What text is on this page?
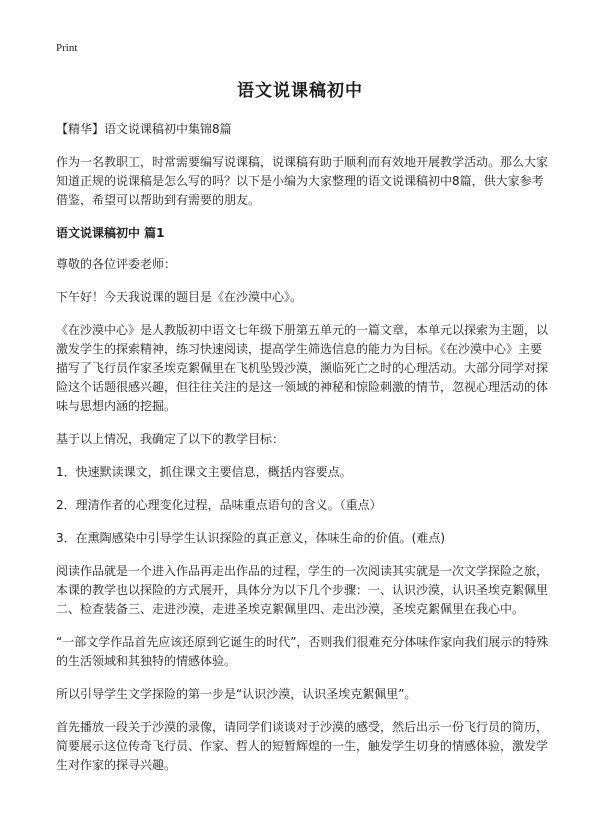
Print
语文说课稿初中

【精华】语文说课稿初中集锦8篇

作为一名教职工，时常需要编写说课稿，说课稿有助于顺利而有效地开展教学活动。那么大家知道正规的说课稿是怎么写的吗？以下是小编为大家整理的语文说课稿初中8篇，供大家参考借鉴，希望可以帮助到有需要的朋友。

语文说课稿初中 篇1

尊敬的各位评委老师：

下午好！今天我说课的题目是《在沙漠中心》。

《在沙漠中心》是人教版初中语文七年级下册第五单元的一篇文章，本单元以探索为主题，以激发学生的探索精神，练习快速阅读，提高学生筛选信息的能力为目标。《在沙漠中心》主要描写了飞行员作家圣埃克絮佩里在飞机坠毁沙漠，濒临死亡之时的心理活动。大部分同学对探险这个话题很感兴趣，但往往关注的是这一领域的神秘和惊险刺激的情节，忽视心理活动的体味与思想内涵的挖掘。

基于以上情况，我确定了以下的教学目标：

1．快速默读课文，抓住课文主要信息，概括内容要点。

2．理清作者的心理变化过程，品味重点语句的含义。（重点）

3．在熏陶感染中引导学生认识探险的真正意义，体味生命的价值。(难点)

阅读作品就是一个进入作品再走出作品的过程，学生的一次阅读其实就是一次文学探险之旅，本课的教学也以探险的方式展开，具体分为以下几个步骤：一、认识沙漠，认识圣埃克絮佩里二、检查装备三、走进沙漠，走进圣埃克絮佩里四、走出沙漠，圣埃克絮佩里在我心中。

“一部文学作品首先应该还原到它诞生的时代”，否则我们很难充分体味作家向我们展示的特殊的生活领域和其独特的情感体验。

所以引导学生文学探险的第一步是“认识沙漠，认识圣埃克絮佩里”。

首先播放一段关于沙漠的录像，请同学们谈谈对于沙漠的感受，然后出示一份飞行员的简历，简要展示这位传奇飞行员、作家、哲人的短暂辉煌的一生，触发学生切身的情感体验，激发学生对作家的探寻兴趣。
